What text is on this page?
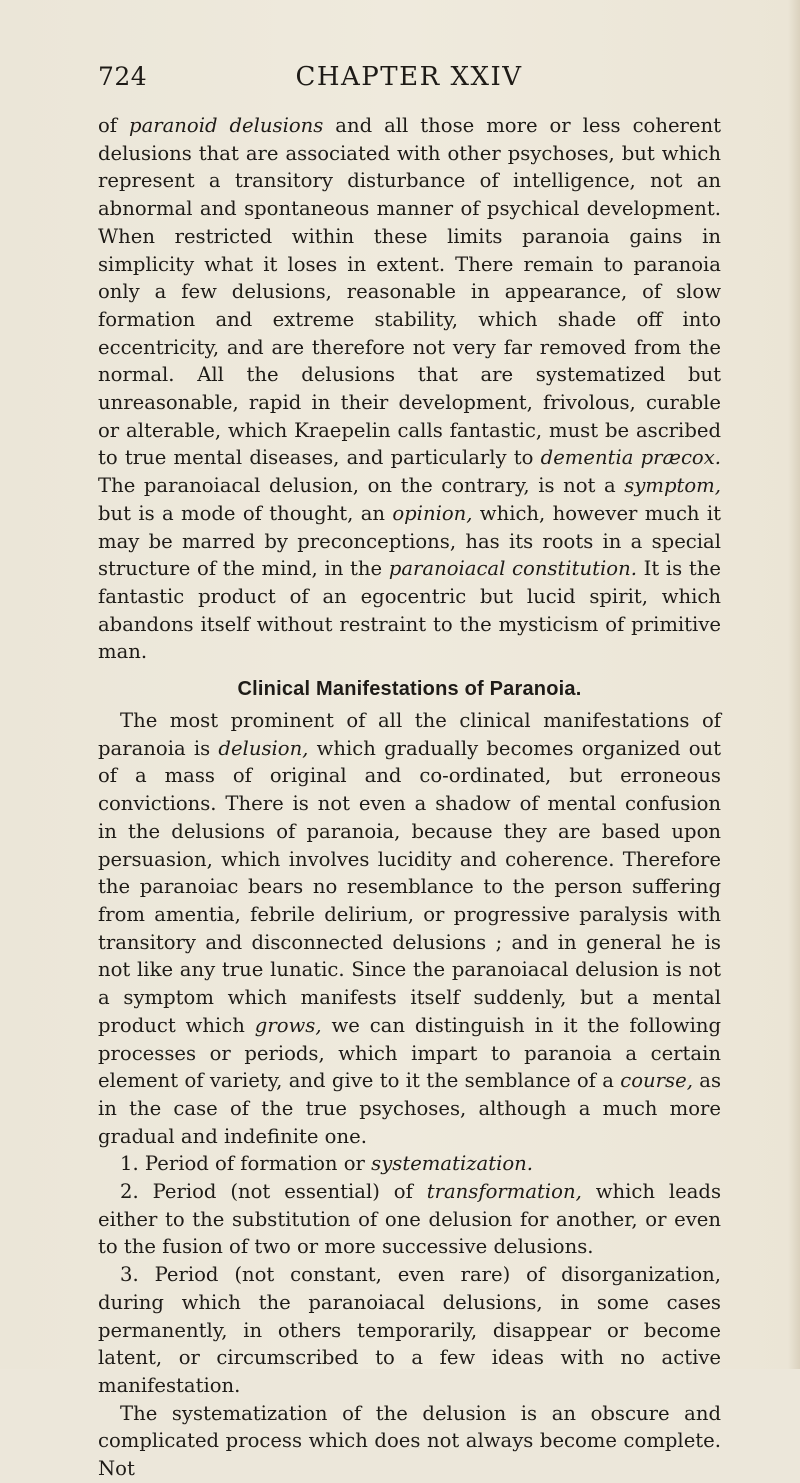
CHAPTER XXIV
724

of paranoid delusions and all those more or less coherent delusions that are associated with other psychoses, but which represent a transitory disturbance of intelligence, not an abnormal and spontaneous manner of psychical development. When restricted within these limits paranoia gains in simplicity what it loses in extent. There remain to paranoia only a few delusions, reasonable in appearance, of slow formation and extreme stability, which shade off into eccentricity, and are therefore not very far removed from the normal. All the delusions that are systematized but unreasonable, rapid in their development, frivolous, curable or alterable, which Kraepelin calls fantastic, must be ascribed to true mental diseases, and particularly to dementia præcox. The paranoiacal delusion, on the contrary, is not a symptom, but is a mode of thought, an opinion, which, however much it may be marred by preconceptions, has its roots in a special structure of the mind, in the paranoiacal constitution. It is the fantastic product of an egocentric but lucid spirit, which abandons itself without restraint to the mysticism of primitive man.

Clinical Manifestations of Paranoia.

The most prominent of all the clinical manifestations of paranoia is delusion, which gradually becomes organized out of a mass of original and co-ordinated, but erroneous convictions. There is not even a shadow of mental confusion in the delusions of paranoia, because they are based upon persuasion, which involves lucidity and coherence. Therefore the paranoiac bears no resemblance to the person suffering from amentia, febrile delirium, or progressive paralysis with transitory and disconnected delusions ; and in general he is not like any true lunatic. Since the paranoiacal delusion is not a symptom which manifests itself suddenly, but a mental product which grows, we can distinguish in it the following processes or periods, which impart to paranoia a certain element of variety, and give to it the semblance of a course, as in the case of the true psychoses, although a much more gradual and indefinite one.

1. Period of formation or systematization.

2. Period (not essential) of transformation, which leads either to the substitution of one delusion for another, or even to the fusion of two or more successive delusions.

3. Period (not constant, even rare) of disorganization, during which the paranoiacal delusions, in some cases permanently, in others temporarily, disappear or become latent, or circumscribed to a few ideas with no active manifestation.

The systematization of the delusion is an obscure and complicated process which does not always become complete. Not
